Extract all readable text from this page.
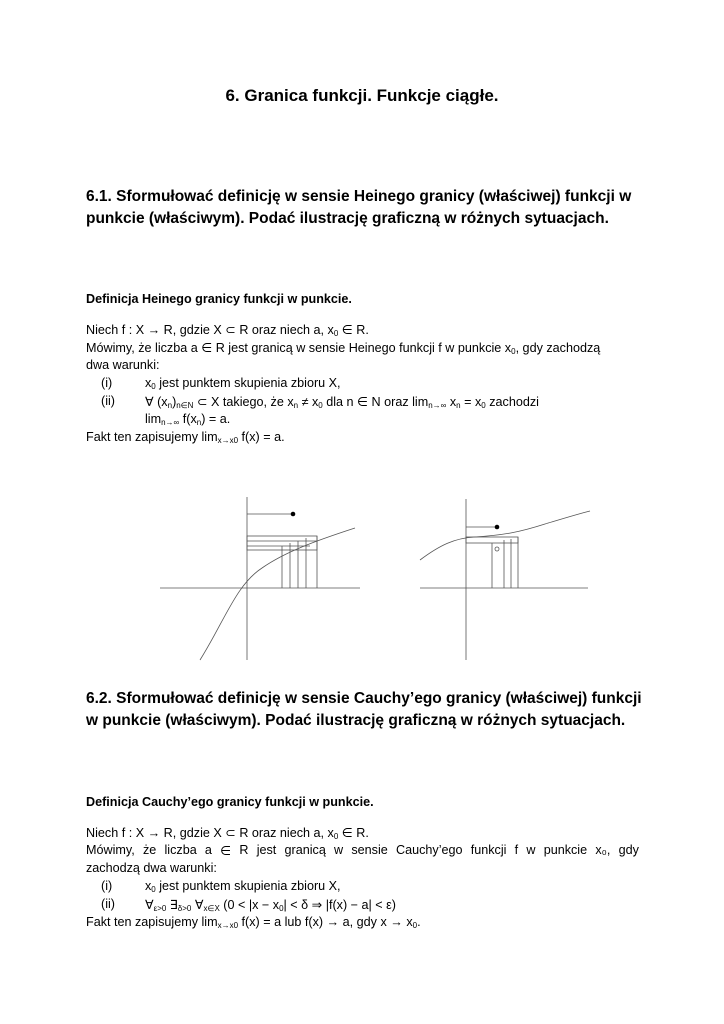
6. Granica funkcji. Funkcje ciągłe.
6.1. Sformułować definicję w sensie Heinego granicy (właściwej) funkcji w punkcie (właściwym). Podać ilustrację graficzną w różnych sytuacjach.
Definicja Heinego granicy funkcji w punkcie.
Niech f : X → R, gdzie X ⊂ R oraz niech a, $x_0$ ∈ R.
Mówimy, że liczba a ∈ R jest granicą w sensie Heinego funkcji f w punkcie $x_0$, gdy zachodzą
dwa warunki:
(i)	$x_0$ jest punktem skupienia zbioru X,
(ii) ∀ $(x_n)_{n\in N}$ ⊂ X takiego, że $x_n \ne x_0$ dla n ∈ N oraz $\lim_{n\to\infty} x_n = x_0$ zachodzi
$\lim_{n\to\infty} f(x_n) = a$.
Fakt ten zapisujemy $\lim_{x\to x0} f(x) = a$.
6.2. Sformułować definicję w sensie Cauchy’ego granicy (właściwej) funkcji w punkcie (właściwym). Podać ilustrację graficzną w różnych sytuacjach.
Definicja Cauchy’ego granicy funkcji w punkcie.
Niech f : X → R, gdzie X ⊂ R oraz niech a, $x_0$ ∈ R.
Mówimy, że liczba a ∈ R jest granicą w sensie Cauchy’ego funkcji f w punkcie x₀, gdy
zachodzą dwa warunki:
(i)	$x_0$ jest punktem skupienia zbioru X,
(ii) $\forall_{\varepsilon>0}$ $\exists_{\delta>0}$ $\forall_{x\in X}$ ($0 < |x - x_0| < \delta$ ⇒ |f(x) − a| < ε)
Fakt ten zapisujemy $\lim_{x\to x0} f(x) = a$ lub f(x) → a, gdy $x \to x_0$.
